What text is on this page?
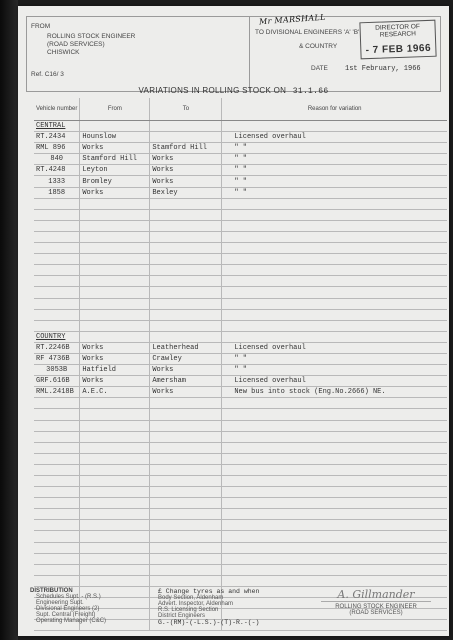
FROM
ROLLING STOCK ENGINEER
(ROAD SERVICES)
CHISWICK
Ref. C16/ 3
TO DIVISIONAL ENGINEERS 'A' 'B'
& COUNTRY
DATE 1st February, 1966
Mr MARSHALL
DIRECTOR OF
RESEARCH
- 7 FEB 1966
VARIATIONS IN ROLLING STOCK ON 31.1.66
Vehicle number	From	To	Reason for variation
CENTRAL			
RT.2434	Hounslow		Licensed overhaul
RML 896	Works	Stamford Hill	" "
840	Stamford Hill	Works	" "
RT.4248	Leyton	Works	" "
1333	Bromley	Works	" "
1858	Works	Bexley	" "

COUNTRY			
RT.2246B	Works	Leatherhead	Licensed overhaul
RF 4736B	Works	Crawley	" "
3053B	Hatfield	Works	" "
GRF.616B	Works	Amersham	Licensed overhaul
RML.2418B	A.E.C.	Works	New bus into stock (Eng.No.2666) NE.

DISTRIBUTION
Schedules Supt. - (R.S.)
Engineering Supt.
Divisional Engineers (2)
Supt. Central (Freight)
Operating Manager (C&C)
£ Change tyres as and when
Body Section, Aldenham
Advert. Inspector, Aldenham
R.S. Licensing Section
District Engineers
G.-(RM)-(-L.S.)-(T)-R.-(-)
A. Gillmander
ROLLING STOCK ENGINEER
(ROAD SERVICES)
